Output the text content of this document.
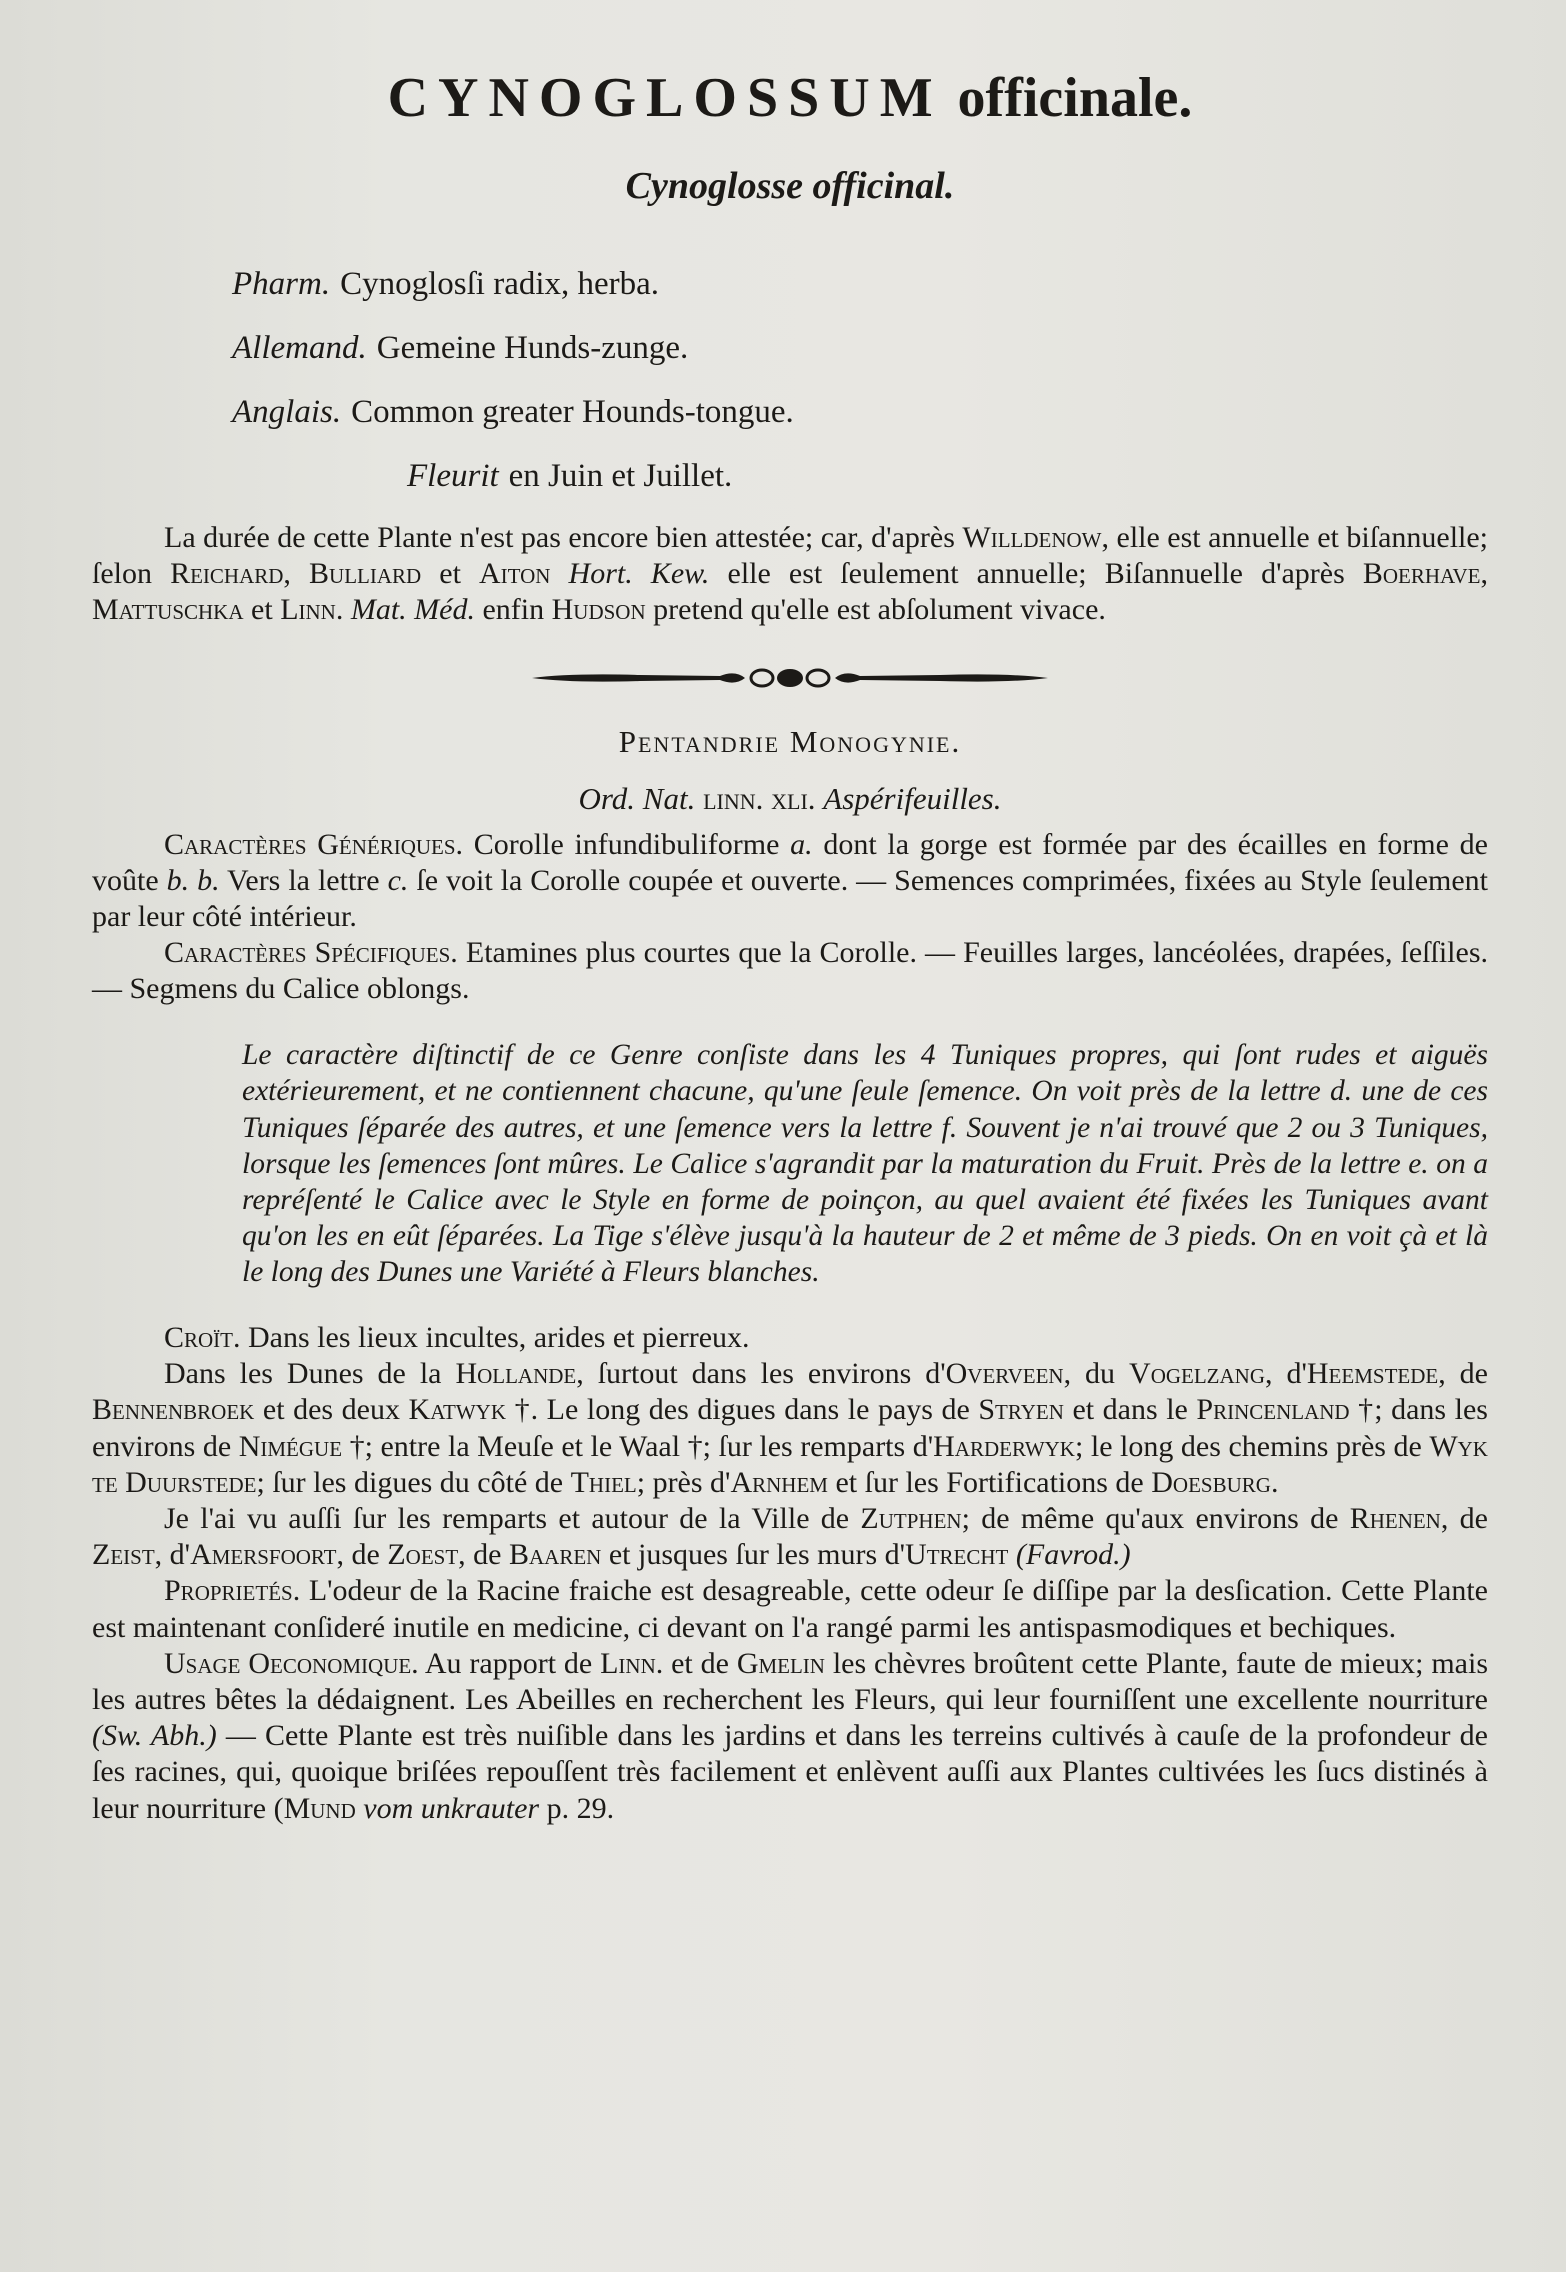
CYNOGLOSSUM officinale.
Cynoglosse officinal.
Pharm. Cynoglosſi radix, herba.
Allemand. Gemeine Hunds-zunge.
Anglais. Common greater Hounds-tongue.
Fleurit en Juin et Juillet.

La durée de cette Plante n'est pas encore bien attestée; car, d'après Willdenow, elle est annuelle et biſannuelle; ſelon Reichard, Bulliard et Aiton Hort. Kew. elle est ſeulement annuelle; Biſannuelle d'après Boerhave, Mattuschka et Linn. Mat. Méd. enfin Hudson pretend qu'elle est abſolument vivace.

Pentandrie Monogynie.
Ord. Nat. linn. xli. Aspérifeuilles.

Caractères Génériques. Corolle infundibuliforme a. dont la gorge est formée par des écailles en forme de voûte b. b. Vers la lettre c. ſe voit la Corolle coupée et ouverte. — Semences comprimées, fixées au Style ſeulement par leur côté intérieur.

Caractères Spécifiques. Etamines plus courtes que la Corolle. — Feuilles larges, lancéolées, drapées, ſeſſiles. — Segmens du Calice oblongs.

Le caractère diſtinctif de ce Genre conſiste dans les 4 Tuniques propres, qui ſont rudes et aiguës extérieurement, et ne contiennent chacune, qu'une ſeule ſemence. On voit près de la lettre d. une de ces Tuniques ſéparée des autres, et une ſemence vers la lettre f. Souvent je n'ai trouvé que 2 ou 3 Tuniques, lorsque les ſemences ſont mûres. Le Calice s'agrandit par la maturation du Fruit. Près de la lettre e. on a repréſenté le Calice avec le Style en forme de poinçon, au quel avaient été fixées les Tuniques avant qu'on les en eût ſéparées. La Tige s'élève jusqu'à la hauteur de 2 et même de 3 pieds. On en voit çà et là le long des Dunes une Variété à Fleurs blanches.

Croït. Dans les lieux incultes, arides et pierreux.

Dans les Dunes de la Hollande, ſurtout dans les environs d'Overveen, du Vogelzang, d'Heemstede, de Bennenbroek et des deux Katwyk †. Le long des digues dans le pays de Stryen et dans le Princenland †; dans les environs de Nimégue †; entre la Meuſe et le Waal †; ſur les remparts d'Harderwyk; le long des chemins près de Wyk te Duurstede; ſur les digues du côté de Thiel; près d'Arnhem et ſur les Fortifications de Doesburg.

Je l'ai vu auſſi ſur les remparts et autour de la Ville de Zutphen; de même qu'aux environs de Rhenen, de Zeist, d'Amersfoort, de Zoest, de Baaren et jusques ſur les murs d'Utrecht (Favrod.)

Proprietés. L'odeur de la Racine fraiche est desagreable, cette odeur ſe diſſipe par la desſication. Cette Plante est maintenant conſideré inutile en medicine, ci devant on l'a rangé parmi les antispasmodiques et bechiques.

Usage Oeconomique. Au rapport de Linn. et de Gmelin les chèvres broûtent cette Plante, faute de mieux; mais les autres bêtes la dédaignent. Les Abeilles en recherchent les Fleurs, qui leur fourniſſent une excellente nourriture (Sw. Abh.) — Cette Plante est très nuiſible dans les jardins et dans les terreins cultivés à cauſe de la profondeur de ſes racines, qui, quoique briſées repouſſent très facilement et enlèvent auſſi aux Plantes cultivées les ſucs distinés à leur nourriture (Mund vom unkrauter p. 29.
